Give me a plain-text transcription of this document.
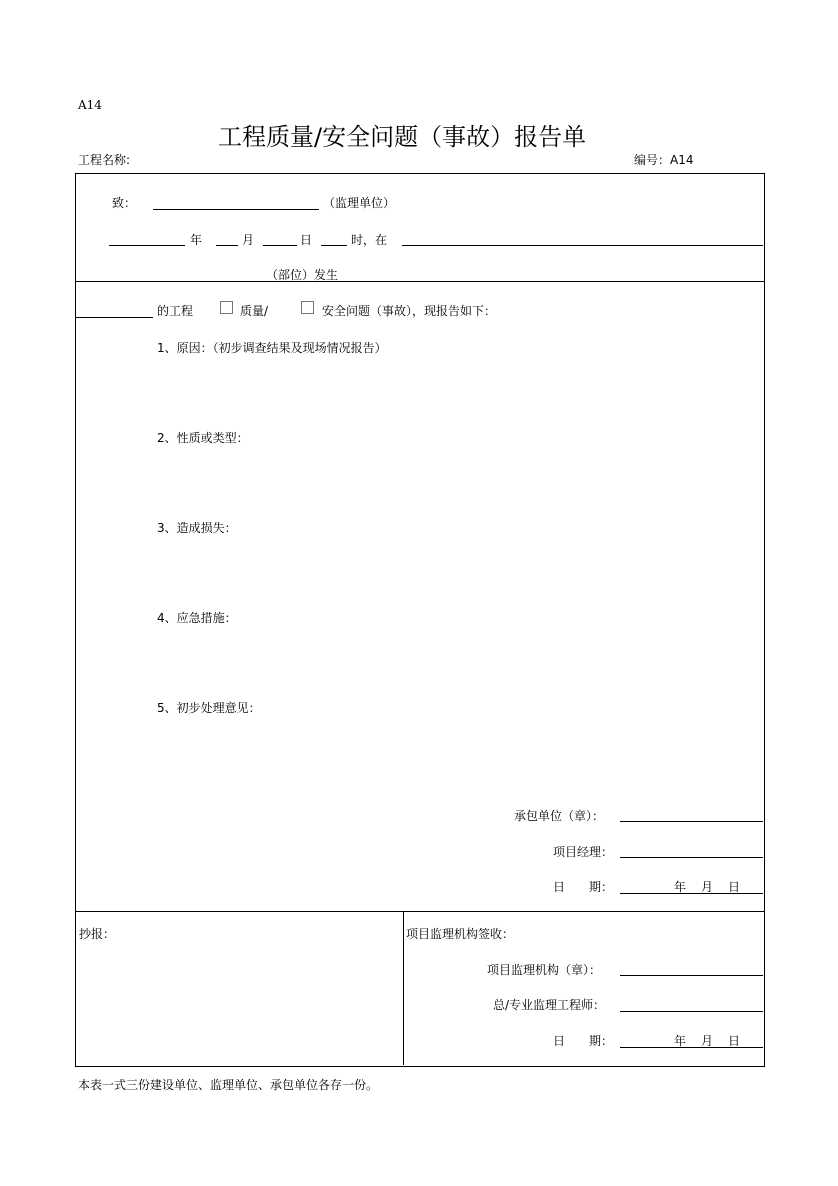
A14
工程质量/安全问题（事故）报告单
工程名称:	编号：A14
致：	（监理单位）
年	月	日	时，在
（部位）发生
的工程	质量/	安全问题（事故），现报告如下：
1、原因：（初步调查结果及现场情况报告）
2、性质或类型：
3、造成损失：
4、应急措施：
5、初步处理意见：
承包单位（章）：
项目经理：
日　　期：	年 月 日
抄报：	项目监理机构签收：
项目监理机构（章）：
总/专业监理工程师：
日　　期：	年 月 日
本表一式三份建设单位、监理单位、承包单位各存一份。
